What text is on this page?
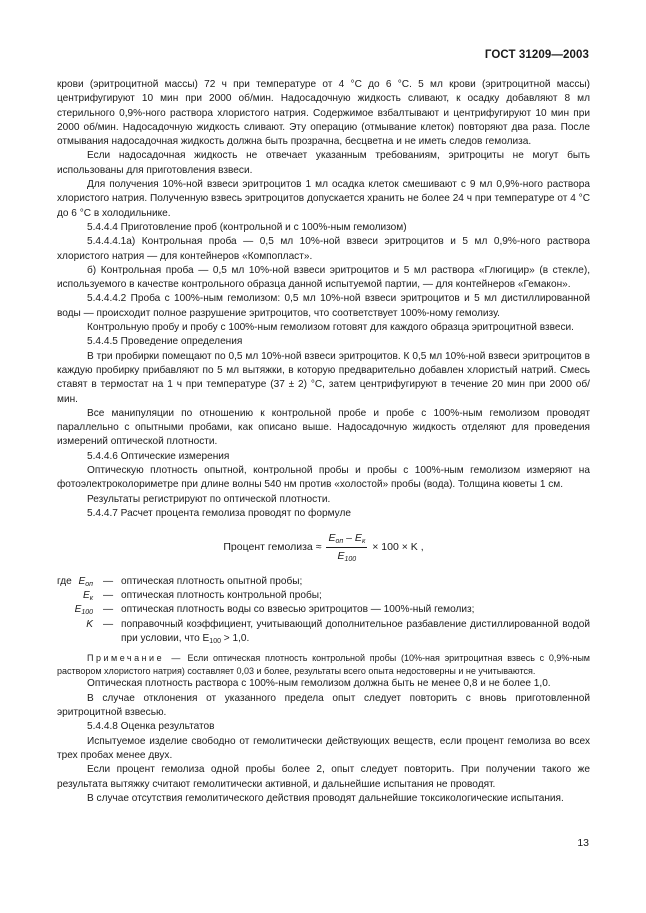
ГОСТ 31209—2003

крови (эритроцитной массы) 72 ч при температуре от 4 °С до 6 °С. 5 мл крови (эритроцитной массы) центрифугируют 10 мин при 2000 об/мин. Надосадочную жидкость сливают, к осадку добавляют 8 мл стерильного 0,9%-ного раствора хлористого натрия. Содержимое взбалтывают и центрифугируют 10 мин при 2000 об/мин. Надосадочную жидкость сливают. Эту операцию (отмывание клеток) повторяют два раза. После отмывания надосадочная жидкость должна быть прозрачна, бесцветна и не иметь следов гемолиза.

Если надосадочная жидкость не отвечает указанным требованиям, эритроциты не могут быть использованы для приготовления взвеси.

Для получения 10%-ной взвеси эритроцитов 1 мл осадка клеток смешивают с 9 мл 0,9%-ного раствора хлористого натрия. Полученную взвесь эритроцитов допускается хранить не более 24 ч при температуре от 4 °С до 6 °С в холодильнике.

5.4.4.4 Приготовление проб (контрольной и с 100%-ным гемолизом)

5.4.4.4.1а) Контрольная проба — 0,5 мл 10%-ной взвеси эритроцитов и 5 мл 0,9%-ного раствора хлористого натрия — для контейнеров «Компопласт».

б) Контрольная проба — 0,5 мл 10%-ной взвеси эритроцитов и 5 мл раствора «Глюгицир» (в стекле), используемого в качестве контрольного образца данной испытуемой партии, — для контейнеров «Гемакон».

5.4.4.4.2 Проба с 100%-ным гемолизом: 0,5 мл 10%-ной взвеси эритроцитов и 5 мл дистиллированной воды — происходит полное разрушение эритроцитов, что соответствует 100%-ному гемолизу.

Контрольную пробу и пробу с 100%-ным гемолизом готовят для каждого образца эритроцитной взвеси.

5.4.4.5 Проведение определения

В три пробирки помещают по 0,5 мл 10%-ной взвеси эритроцитов. К 0,5 мл 10%-ной взвеси эритроцитов в каждую пробирку прибавляют по 5 мл вытяжки, в которую предварительно добавлен хлористый натрий. Смесь ставят в термостат на 1 ч при температуре (37 ± 2) °С, затем центрифугируют в течение 20 мин при 2000 об/мин.

Все манипуляции по отношению к контрольной пробе и пробе с 100%-ным гемолизом проводят параллельно с опытными пробами, как описано выше. Надосадочную жидкость отделяют для проведения измерений оптической плотности.

5.4.4.6 Оптические измерения

Оптическую плотность опытной, контрольной пробы и пробы с 100%-ным гемолизом измеряют на фотоэлектроколориметре при длине волны 540 нм против «холостой» пробы (вода). Толщина кюветы 1 см.

Результаты регистрируют по оптической плотности.

5.4.4.7 Расчет процента гемолиза проводят по формуле

Процент гемолиза ≈ $\frac{E_{оп} - E_к}{E_{100}} \times 100 \times K$ ,
где $E_{оп}$ — оптическая плотность опытной пробы;
$E_к$ — оптическая плотность контрольной пробы;
$E_{100}$ — оптическая плотность воды со взвесью эритроцитов — 100%-ный гемолиз;
K — поправочный коэффициент, учитывающий дополнительное разбавление дистиллированной водой при условии, что $E_{100} > 1,0$.

Примечание — Если оптическая плотность контрольной пробы (10%-ная эритроцитная взвесь с 0,9%-ным раствором хлористого натрия) составляет 0,03 и более, результаты всего опыта недостоверны и не учитываются.

Оптическая плотность раствора с 100%-ным гемолизом должна быть не менее 0,8 и не более 1,0.

В случае отклонения от указанного предела опыт следует повторить с вновь приготовленной эритроцитной взвесью.

5.4.4.8 Оценка результатов

Испытуемое изделие свободно от гемолитически действующих веществ, если процент гемолиза во всех трех пробах менее двух.

Если процент гемолиза одной пробы более 2, опыт следует повторить. При получении такого же результата вытяжку считают гемолитически активной, и дальнейшие испытания не проводят.

В случае отсутствия гемолитического действия проводят дальнейшие токсикологические испытания.

13
